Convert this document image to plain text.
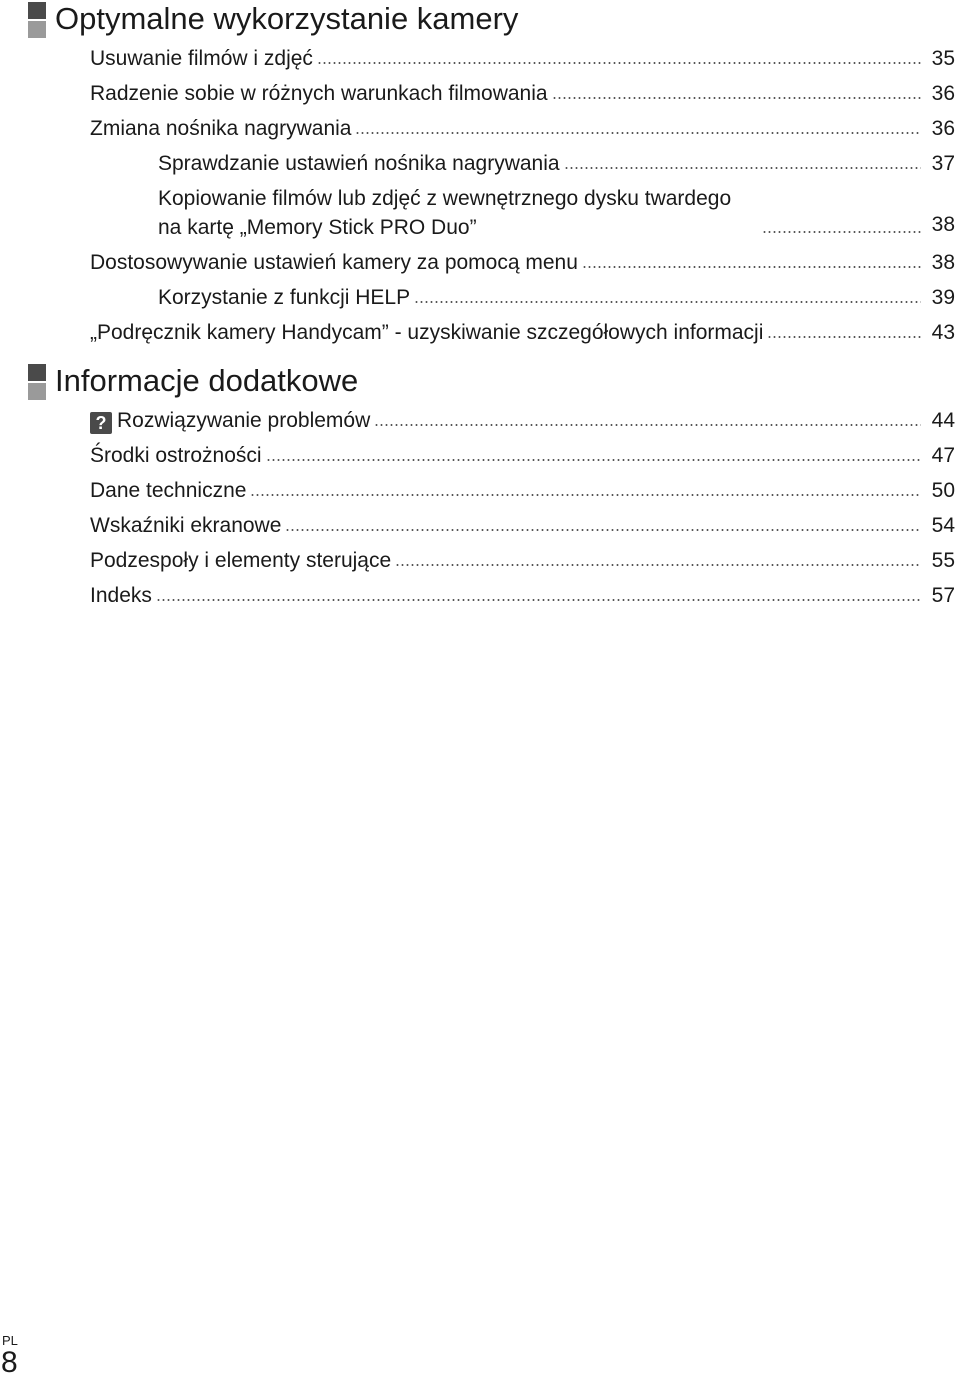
Optymalne wykorzystanie kamery
Usuwanie filmów i zdjęć	35
Radzenie sobie w różnych warunkach filmowania	36
Zmiana nośnika nagrywania	36
Sprawdzanie ustawień nośnika nagrywania	37
Kopiowanie filmów lub zdjęć z wewnętrznego dysku twardego na kartę „Memory Stick PRO Duo”	38
Dostosowywanie ustawień kamery za pomocą menu	38
Korzystanie z funkcji HELP	39
„Podręcznik kamery Handycam” - uzyskiwanie szczegółowych informacji	43
Informacje dodatkowe
? Rozwiązywanie problemów	44
Środki ostrożności	47
Dane techniczne	50
Wskaźniki ekranowe	54
Podzespoły i elementy sterujące	55
Indeks	57
PL
8
